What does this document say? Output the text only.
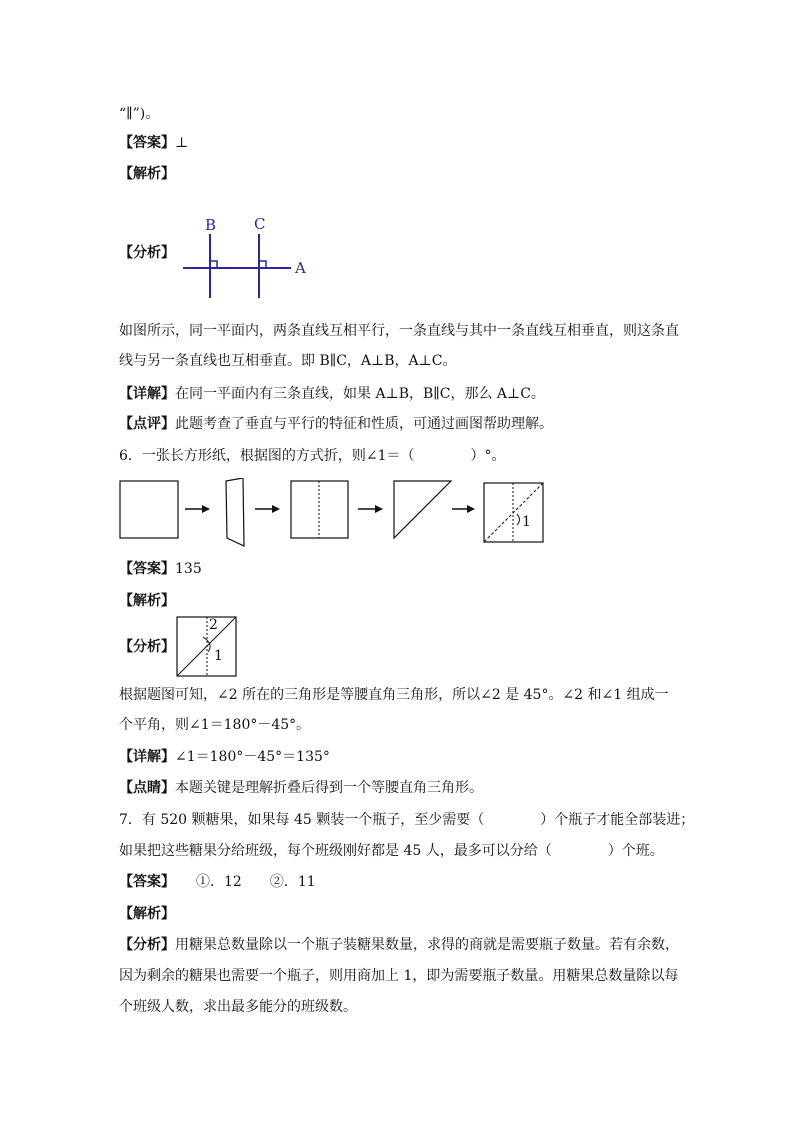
“∥”)。
【答案】⊥
【解析】
【分析】
B	C
A
如图所示，同一平面内，两条直线互相平行，一条直线与其中一条直线互相垂直，则这条直
线与另一条直线也互相垂直。即 B∥C，A⊥B，A⊥C。
【详解】在同一平面内有三条直线，如果 A⊥B，B∥C，那么 A⊥C。
【点评】此题考查了垂直与平行的特征和性质，可通过画图帮助理解。
6．一张长方形纸，根据图的方式折，则∠1＝（　　　　）°。
1
【答案】135
【解析】
【分析】
2
1
根据题图可知，∠2 所在的三角形是等腰直角三角形，所以∠2 是 45°。∠2 和∠1 组成一
个平角，则∠1＝180°－45°。
【详解】∠1＝180°－45°＝135°
【点睛】本题关键是理解折叠后得到一个等腰直角三角形。
7．有 520 颗糖果，如果每 45 颗装一个瓶子，至少需要（　　　　）个瓶子才能全部装进；
如果把这些糖果分给班级，每个班级刚好都是 45 人，最多可以分给（　　　　）个班。
【答案】　　①．12　　②．11
【解析】
【分析】用糖果总数量除以一个瓶子装糖果数量，求得的商就是需要瓶子数量。若有余数，
因为剩余的糖果也需要一个瓶子，则用商加上 1，即为需要瓶子数量。用糖果总数量除以每
个班级人数，求出最多能分的班级数。
